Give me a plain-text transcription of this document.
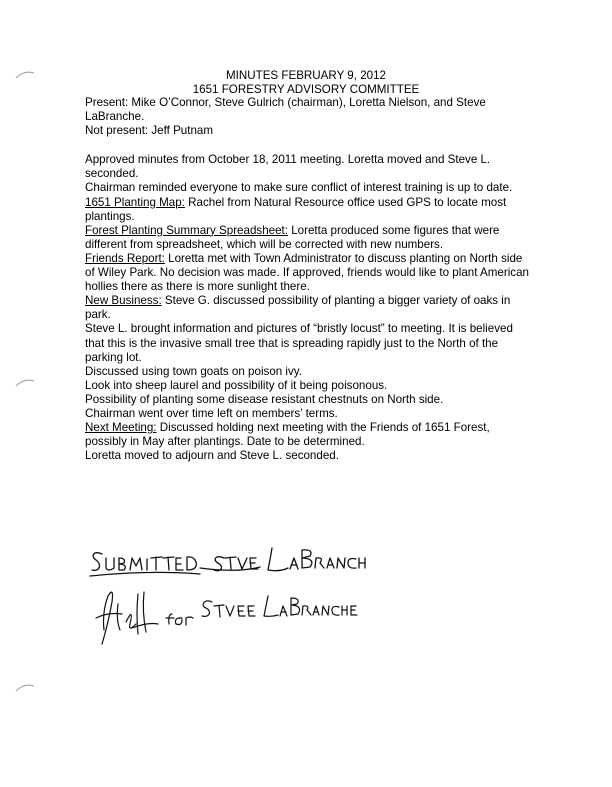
MINUTES FEBRUARY 9, 2012
1651 FORESTRY ADVISORY COMMITTEE

Present: Mike O’Connor, Steve Gulrich (chairman), Loretta Nielson, and Steve LaBranche.

Not present: Jeff Putnam

Approved minutes from October 18, 2011 meeting. Loretta moved and Steve L. seconded.

Chairman reminded everyone to make sure conflict of interest training is up to date.

1651 Planting Map: Rachel from Natural Resource office used GPS to locate most plantings.

Forest Planting Summary Spreadsheet: Loretta produced some figures that were different from spreadsheet, which will be corrected with new numbers.

Friends Report: Loretta met with Town Administrator to discuss planting on North side of Wiley Park. No decision was made. If approved, friends would like to plant American hollies there as there is more sunlight there.

New Business: Steve G. discussed possibility of planting a bigger variety of oaks in park.

Steve L. brought information and pictures of “bristly locust” to meeting. It is believed that this is the invasive small tree that is spreading rapidly just to the North of the parking lot.

Discussed using town goats on poison ivy.

Look into sheep laurel and possibility of it being poisonous.

Possibility of planting some disease resistant chestnuts on North side.

Chairman went over time left on members’ terms.

Next Meeting: Discussed holding next meeting with the Friends of 1651 Forest, possibly in May after plantings. Date to be determined.

Loretta moved to adjourn and Steve L. seconded.
